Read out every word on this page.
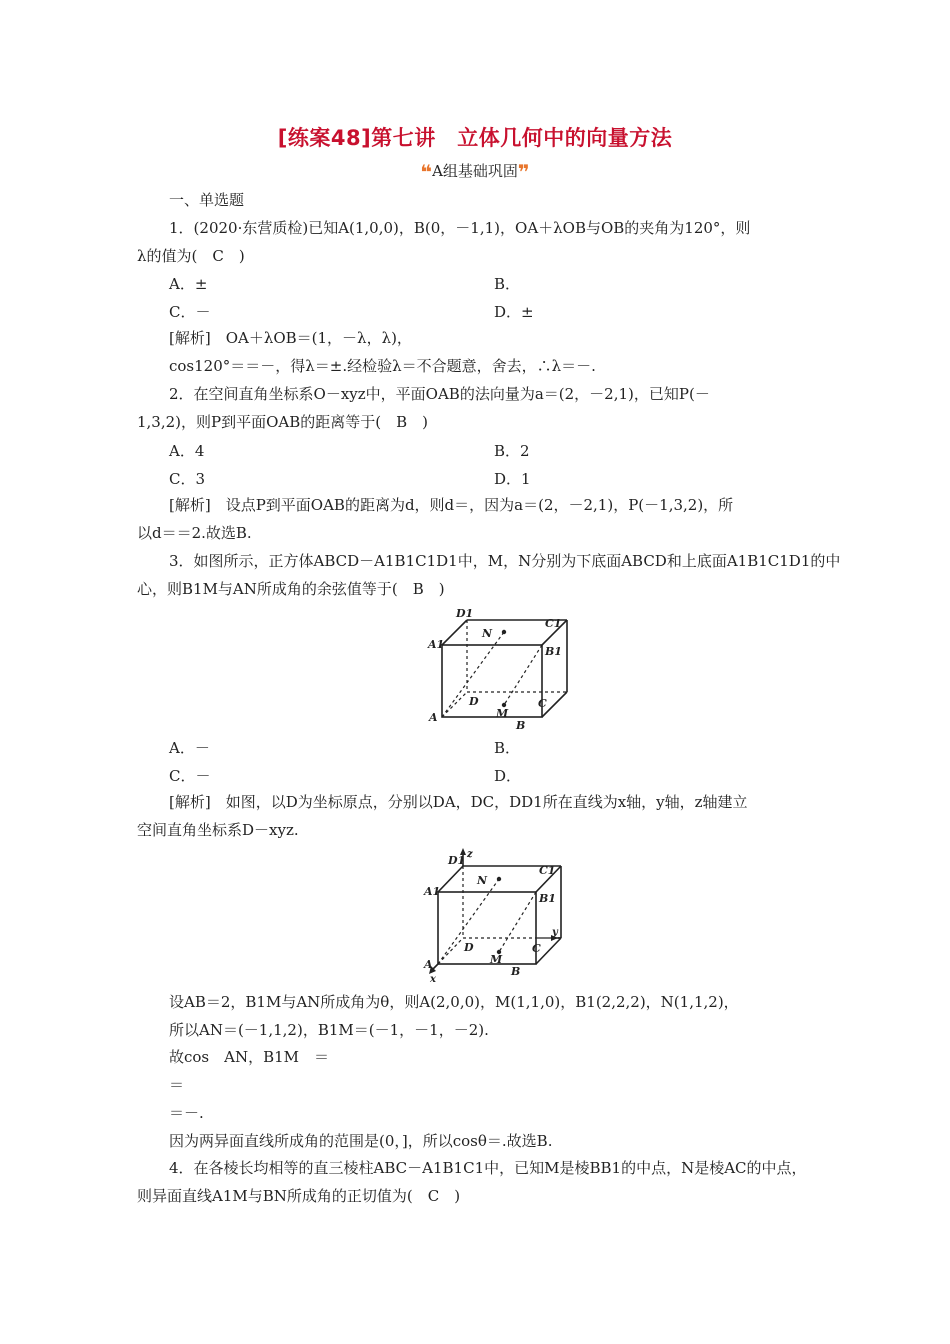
[练案48]第七讲　立体几何中的向量方法
❝A组基础巩固❞
一、单选题
1．(2020·东营质检)已知A(1,0,0)，B(0，－1,1)，OA＋λOB与OB的夹角为120°，则
λ的值为(　C　)
A．±	B．
C．－	D．±
[解析]　OA＋λOB＝(1，－λ，λ)，
cos120°＝＝－，得λ＝±.经检验λ＝不合题意，舍去，∴λ＝－.
2．在空间直角坐标系O－xyz中，平面OAB的法向量为a＝(2，－2,1)，已知P(－
1,3,2)，则P到平面OAB的距离等于(　B　)
A．4	B．2
C．3	D．1
[解析]　设点P到平面OAB的距离为d，则d＝，因为a＝(2，－2,1)，P(－1,3,2)，所
以d＝＝2.故选B.
3．如图所示，正方体ABCD－A1B1C1D1中，M，N分别为下底面ABCD和上底面A1B1C1D1的中
心，则B1M与AN所成角的余弦值等于(　B　)
D1
C1
A1
B1
N
D
M
C
A
B
A．－	B．
C．－	D．
[解析]　如图，以D为坐标原点，分别以DA，DC，DD1所在直线为x轴，y轴，z轴建立
空间直角坐标系D－xyz.
D1 z
C1
A1
B1
N
D
M
C
y
A
x
B
设AB＝2，B1M与AN所成角为θ，则A(2,0,0)，M(1,1,0)，B1(2,2,2)，N(1,1,2)，
所以AN＝(－1,1,2)，B1M＝(－1，－1，－2).
故cos　AN，B1M　＝
＝
＝－.
因为两异面直线所成角的范围是(0，]，所以cosθ＝.故选B.
4．在各棱长均相等的直三棱柱ABC－A1B1C1中，已知M是棱BB1的中点，N是棱AC的中点，
则异面直线A1M与BN所成角的正切值为(　C　)
